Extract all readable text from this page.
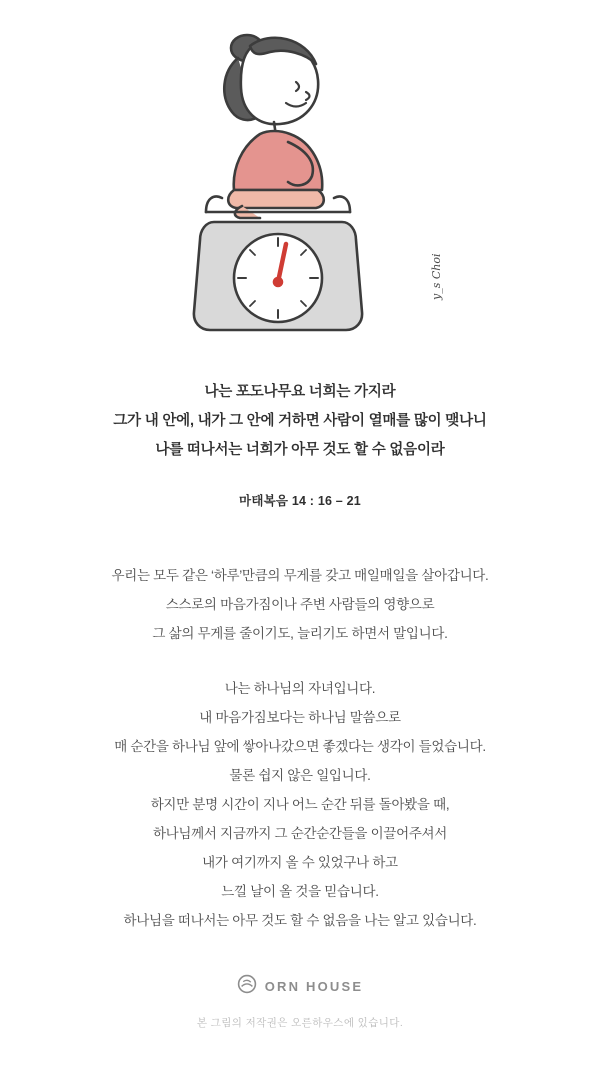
y_s Choi
나는 포도나무요 너희는 가지라
그가 내 안에, 내가 그 안에 거하면 사람이 열매를 많이 맺나니
나를 떠나서는 너희가 아무 것도 할 수 없음이라
마태복음 14 : 16 – 21
우리는 모두 같은 ‘하루’만큼의 무게를 갖고 매일매일을 살아갑니다.
스스로의 마음가짐이나 주변 사람들의 영향으로
그 삶의 무게를 줄이기도, 늘리기도 하면서 말입니다.
나는 하나님의 자녀입니다.
내 마음가짐보다는 하나님 말씀으로
매 순간을 하나님 앞에 쌓아나갔으면 좋겠다는 생각이 들었습니다.
물론 쉽지 않은 일입니다.
하지만 분명 시간이 지나 어느 순간 뒤를 돌아봤을 때,
하나님께서 지금까지 그 순간순간들을 이끌어주셔서
내가 여기까지 올 수 있었구나 하고
느낄 날이 올 것을 믿습니다.
하나님을 떠나서는 아무 것도 할 수 없음을 나는 알고 있습니다.
ORN HOUSE
본 그림의 저작권은 오른하우스에 있습니다.
